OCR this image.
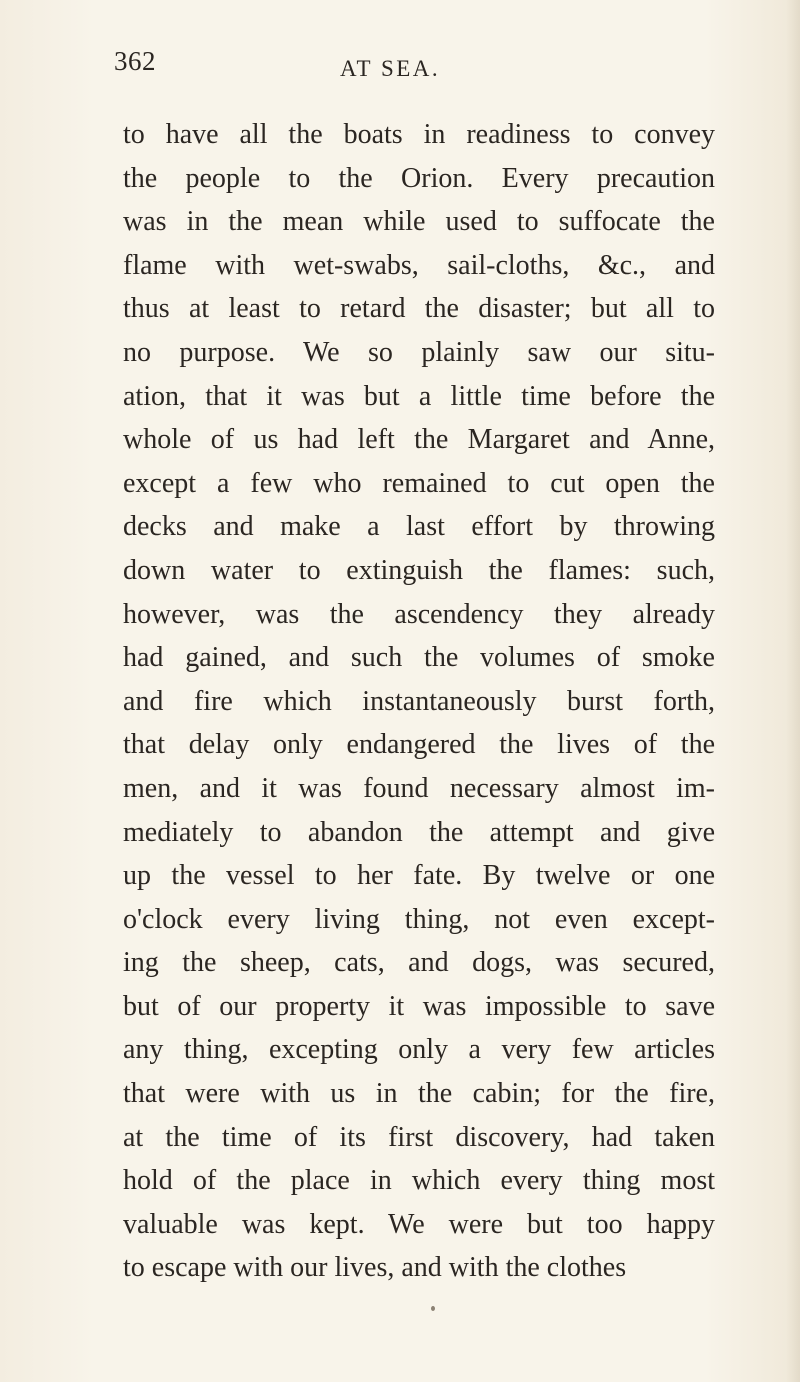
362	AT SEA.
to have all the boats in readiness to convey
the people to the Orion. Every precaution
was in the mean while used to suffocate the
flame with wet-swabs, sail-cloths, &c., and
thus at least to retard the disaster; but all to
no purpose. We so plainly saw our situ-
ation, that it was but a little time before the
whole of us had left the Margaret and Anne,
except a few who remained to cut open the
decks and make a last effort by throwing
down water to extinguish the flames: such,
however, was the ascendency they already
had gained, and such the volumes of smoke
and fire which instantaneously burst forth,
that delay only endangered the lives of the
men, and it was found necessary almost im-
mediately to abandon the attempt and give
up the vessel to her fate. By twelve or one
o'clock every living thing, not even except-
ing the sheep, cats, and dogs, was secured,
but of our property it was impossible to save
any thing, excepting only a very few articles
that were with us in the cabin; for the fire,
at the time of its first discovery, had taken
hold of the place in which every thing most
valuable was kept. We were but too happy
to escape with our lives, and with the clothes
